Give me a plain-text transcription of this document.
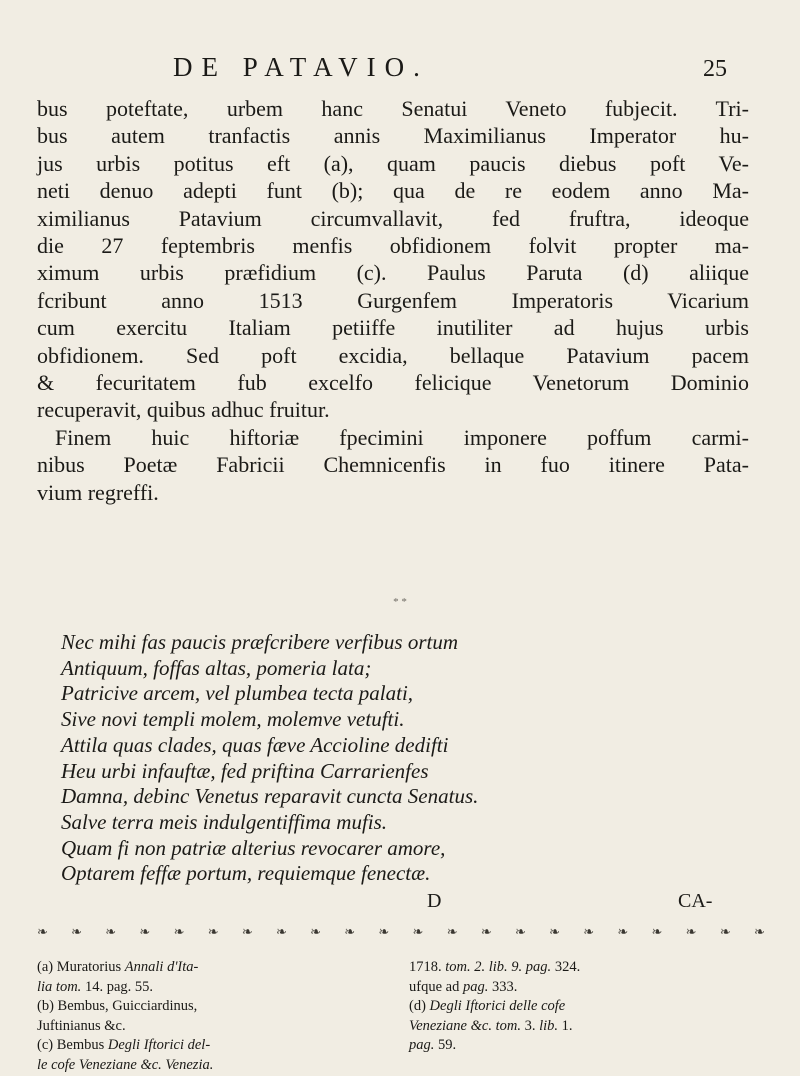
DE PATAVIO.	25
bus poteftate, urbem hanc Senatui Veneto fubjecit. Tri-
bus autem tranfactis annis Maximilianus Imperator hu-
jus urbis potitus eft (a), quam paucis diebus poft Ve-
neti denuo adepti funt (b); qua de re eodem anno Ma-
ximilianus Patavium circumvallavit, fed fruftra, ideoque
die 27 feptembris menfis obfidionem folvit propter ma-
ximum urbis præfidium (c). Paulus Paruta (d) aliique
fcribunt anno 1513 Gurgenfem Imperatoris Vicarium
cum exercitu Italiam petiiffe inutiliter ad hujus urbis
obfidionem. Sed poft excidia, bellaque Patavium pacem
& fecuritatem fub excelfo felicique Venetorum Dominio
recuperavit, quibus adhuc fruitur.
Finem huic hiftoriæ fpecimini imponere poffum carmi-
nibus Poetæ Fabricii Chemnicenfis in fuo itinere Pata-
vium regreffi.
* *
Nec mihi fas paucis præfcribere verfibus ortum
Antiquum, foffas altas, pomeria lata;
Patricive arcem, vel plumbea tecta palati,
Sive novi templi molem, molemve vetufti.
Attila quas clades, quas fæve Accioline dedifti
Heu urbi infauftæ, fed priftina Carrarienfes
Damna, debinc Venetus reparavit cuncta Senatus.
Salve terra meis indulgentiffima mufis.
Quam fi non patriæ alterius revocarer amore,
Optarem feffæ portum, requiemque fenectæ.
D	CA-
❧ ❧ ❧ ❧ ❧ ❧ ❧ ❧ ❧ ❧ ❧ ❧ ❧ ❧ ❧ ❧ ❧ ❧ ❧ ❧ ❧ ❧
(a) Muratorius Annali d'Ita-
lia tom. 14. pag. 55.
(b) Bembus, Guicciardinus,
Juftinianus &c.
(c) Bembus Degli Iftorici del-
le cofe Veneziane &c. Venezia.
1718. tom. 2. lib. 9. pag. 324.
ufque ad pag. 333.
(d) Degli Iftorici delle cofe
Veneziane &c. tom. 3. lib. 1.
pag. 59.
